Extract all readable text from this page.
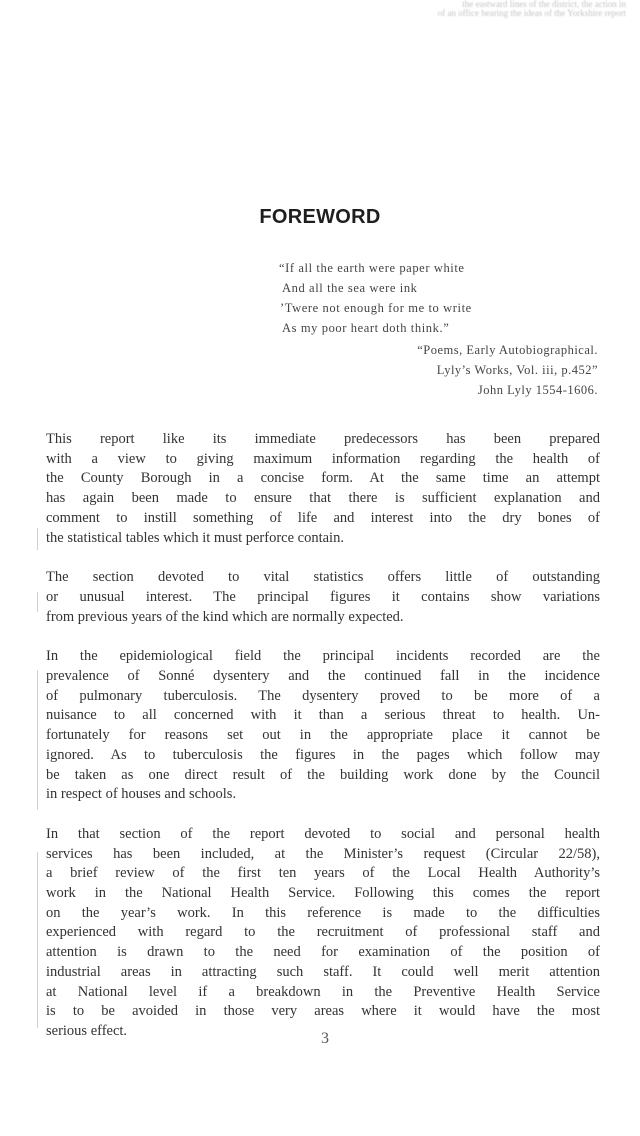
the eastward lines of the district, the action in
of an office bearing the ideas of the Yorkshire report
FOREWORD
“If all the earth were paper white
And all the sea were ink
’Twere not enough for me to write
As my poor heart doth think.”
“Poems, Early Autobiographical.
Lyly’s Works, Vol. iii, p.452”
John Lyly 1554-1606.
This report like its immediate predecessors has been prepared
with a view to giving maximum information regarding the health of
the County Borough in a concise form. At the same time an attempt
has again been made to ensure that there is sufficient explanation and
comment to instill something of life and interest into the dry bones of
the statistical tables which it must perforce contain.
The section devoted to vital statistics offers little of outstanding
or unusual interest. The principal figures it contains show variations
from previous years of the kind which are normally expected.
In the epidemiological field the principal incidents recorded are the
prevalence of Sonné dysentery and the continued fall in the incidence
of pulmonary tuberculosis. The dysentery proved to be more of a
nuisance to all concerned with it than a serious threat to health. Un-
fortunately for reasons set out in the appropriate place it cannot be
ignored. As to tuberculosis the figures in the pages which follow may
be taken as one direct result of the building work done by the Council
in respect of houses and schools.
In that section of the report devoted to social and personal health
services has been included, at the Minister’s request (Circular 22/58),
a brief review of the first ten years of the Local Health Authority’s
work in the National Health Service. Following this comes the report
on the year’s work. In this reference is made to the difficulties
experienced with regard to the recruitment of professional staff and
attention is drawn to the need for examination of the position of
industrial areas in attracting such staff. It could well merit attention
at National level if a breakdown in the Preventive Health Service
is to be avoided in those very areas where it would have the most
serious effect.	3
